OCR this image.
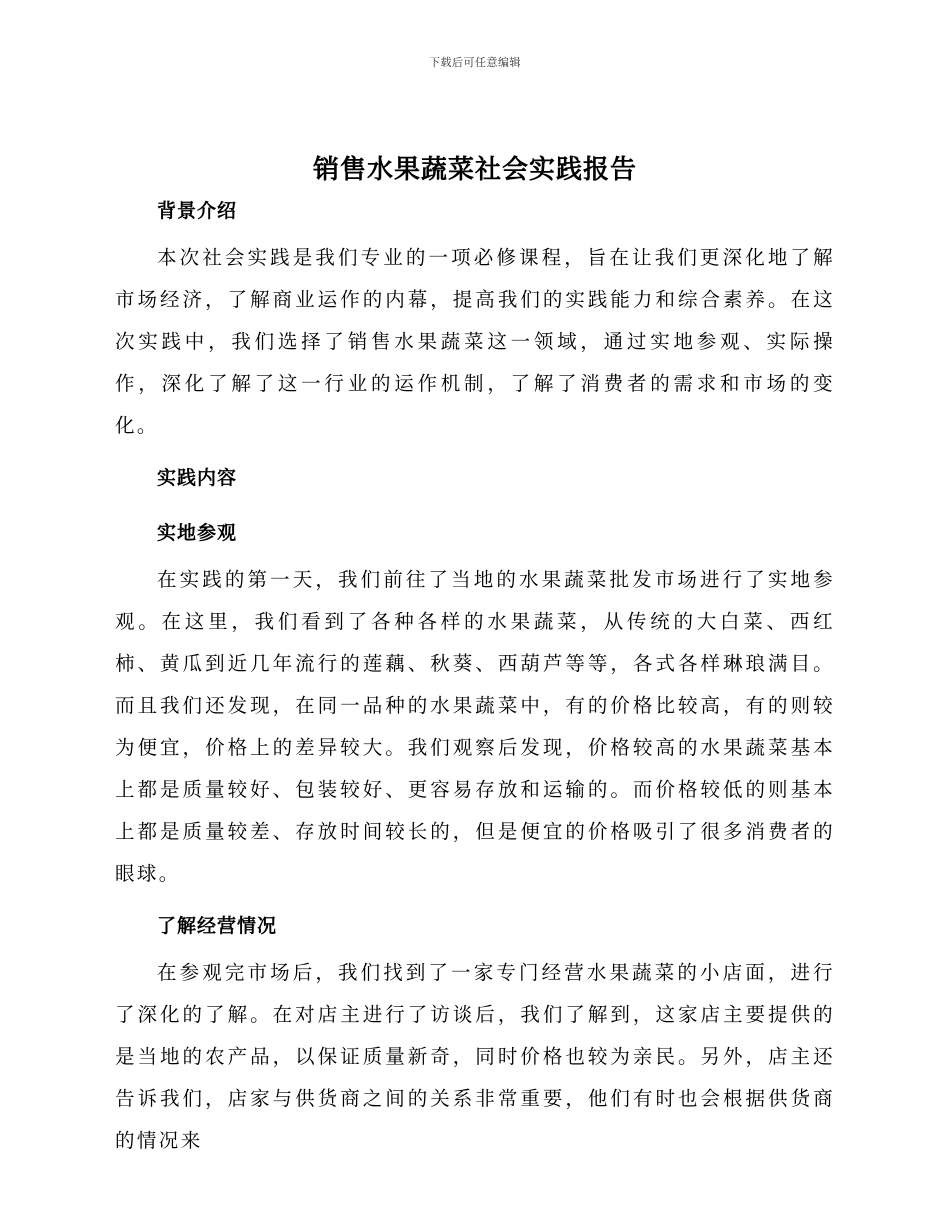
下载后可任意编辑
销售水果蔬菜社会实践报告
背景介绍

本次社会实践是我们专业的一项必修课程，旨在让我们更深化地了解市场经济，了解商业运作的内幕，提高我们的实践能力和综合素养。在这次实践中，我们选择了销售水果蔬菜这一领域，通过实地参观、实际操作，深化了解了这一行业的运作机制，了解了消费者的需求和市场的变化。

实践内容
实地参观

在实践的第一天，我们前往了当地的水果蔬菜批发市场进行了实地参观。在这里，我们看到了各种各样的水果蔬菜，从传统的大白菜、西红柿、黄瓜到近几年流行的莲藕、秋葵、西葫芦等等，各式各样琳琅满目。而且我们还发现，在同一品种的水果蔬菜中，有的价格比较高，有的则较为便宜，价格上的差异较大。我们观察后发现，价格较高的水果蔬菜基本上都是质量较好、包装较好、更容易存放和运输的。而价格较低的则基本上都是质量较差、存放时间较长的，但是便宜的价格吸引了很多消费者的眼球。

了解经营情况

在参观完市场后，我们找到了一家专门经营水果蔬菜的小店面，进行了深化的了解。在对店主进行了访谈后，我们了解到，这家店主要提供的是当地的农产品，以保证质量新奇，同时价格也较为亲民。另外，店主还告诉我们，店家与供货商之间的关系非常重要，他们有时也会根据供货商的情况来
